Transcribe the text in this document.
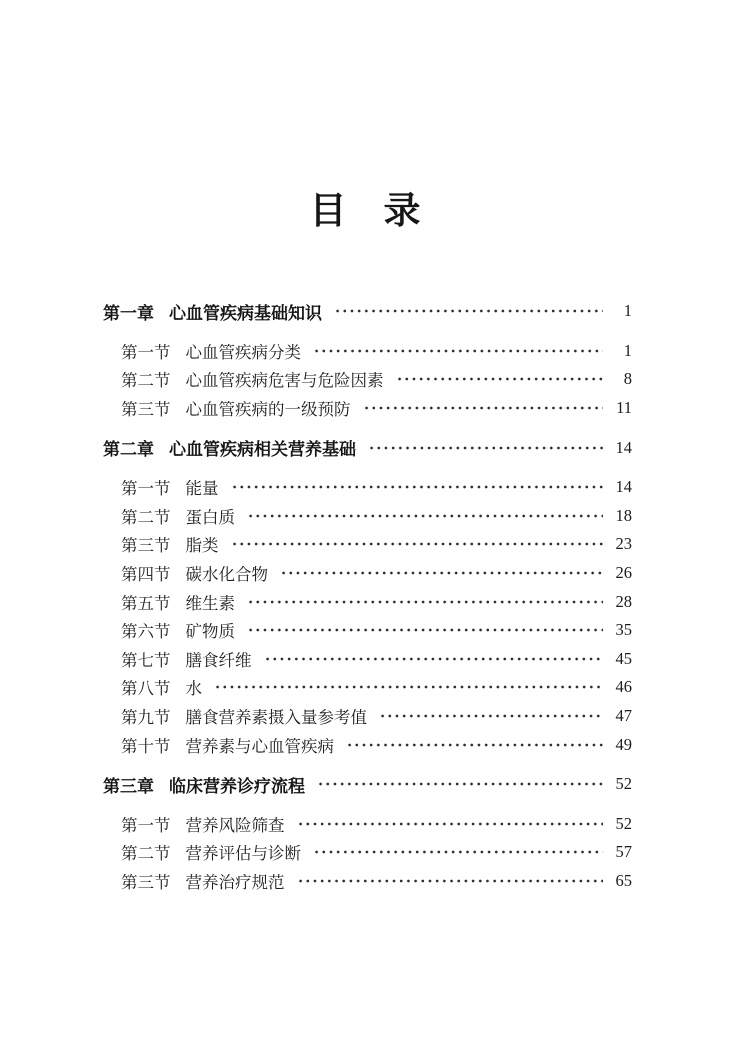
目　录
第一章 心血管疾病基础知识	1
第一节 心血管疾病分类	1
第二节 心血管疾病危害与危险因素	8
第三节 心血管疾病的一级预防	11
第二章 心血管疾病相关营养基础	14
第一节 能量	14
第二节 蛋白质	18
第三节 脂类	23
第四节 碳水化合物	26
第五节 维生素	28
第六节 矿物质	35
第七节 膳食纤维	45
第八节 水	46
第九节 膳食营养素摄入量参考值	47
第十节 营养素与心血管疾病	49
第三章 临床营养诊疗流程	52
第一节 营养风险筛查	52
第二节 营养评估与诊断	57
第三节 营养治疗规范	65
